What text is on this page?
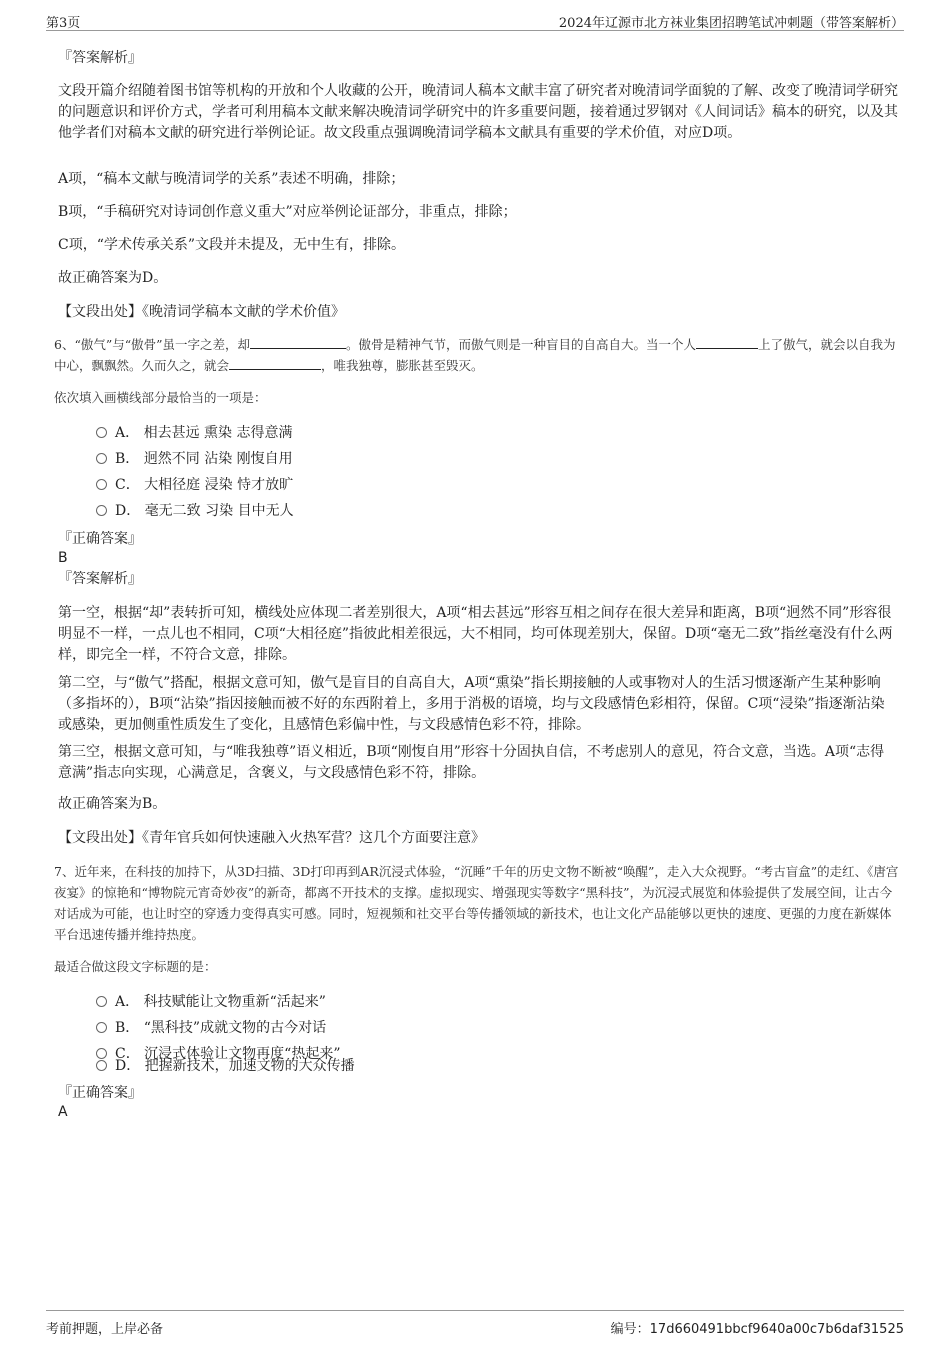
第3页	2024年辽源市北方袜业集团招聘笔试冲刺题（带答案解析）
『答案解析』
文段开篇介绍随着图书馆等机构的开放和个人收藏的公开，晚清词人稿本文献丰富了研究者对晚清词学面貌的了解、改变了晚清词学研究的问题意识和评价方式，学者可利用稿本文献来解决晚清词学研究中的许多重要问题，接着通过罗钢对《人间词话》稿本的研究，以及其他学者们对稿本文献的研究进行举例论证。故文段重点强调晚清词学稿本文献具有重要的学术价值，对应D项。
A项，“稿本文献与晚清词学的关系”表述不明确，排除；
B项，“手稿研究对诗词创作意义重大”对应举例论证部分，非重点，排除；
C项，“学术传承关系”文段并未提及，无中生有，排除。
故正确答案为D。
【文段出处】《晚清词学稿本文献的学术价值》
6、“傲气”与“傲骨”虽一字之差，却	。傲骨是精神气节，而傲气则是一种盲目的自高自大。当一个人	上了傲气，就会以自我为中心，飘飘然。久而久之，就会	，唯我独尊，膨胀甚至毁灭。
依次填入画横线部分最恰当的一项是：
A． 相去甚远 熏染 志得意满
B． 迥然不同 沾染 刚愎自用
C． 大相径庭 浸染 恃才放旷
D． 毫无二致 习染 目中无人
『正确答案』
B
『答案解析』
第一空，根据“却”表转折可知，横线处应体现二者差别很大，A项“相去甚远”形容互相之间存在很大差异和距离，B项“迥然不同”形容很明显不一样，一点儿也不相同，C项“大相径庭”指彼此相差很远，大不相同，均可体现差别大，保留。D项“毫无二致”指丝毫没有什么两样，即完全一样，不符合文意，排除。
第二空，与“傲气”搭配，根据文意可知，傲气是盲目的自高自大，A项“熏染”指长期接触的人或事物对人的生活习惯逐渐产生某种影响（多指坏的），B项“沾染”指因接触而被不好的东西附着上，多用于消极的语境，均与文段感情色彩相符，保留。C项“浸染”指逐渐沾染或感染，更加侧重性质发生了变化，且感情色彩偏中性，与文段感情色彩不符，排除。
第三空，根据文意可知，与“唯我独尊”语义相近，B项“刚愎自用”形容十分固执自信，不考虑别人的意见，符合文意，当选。A项“志得意满”指志向实现，心满意足，含褒义，与文段感情色彩不符，排除。
故正确答案为B。
【文段出处】《青年官兵如何快速融入火热军营？这几个方面要注意》
7、近年来，在科技的加持下，从3D扫描、3D打印再到AR沉浸式体验，“沉睡”千年的历史文物不断被“唤醒”，走入大众视野。“考古盲盒”的走红、《唐宫夜宴》的惊艳和“博物院元宵奇妙夜”的新奇，都离不开技术的支撑。虚拟现实、增强现实等数字“黑科技”，为沉浸式展览和体验提供了发展空间，让古今对话成为可能，也让时空的穿透力变得真实可感。同时，短视频和社交平台等传播领域的新技术，也让文化产品能够以更快的速度、更强的力度在新媒体平台迅速传播并维持热度。
最适合做这段文字标题的是：
A． 科技赋能让文物重新“活起来”
B． “黑科技”成就文物的古今对话
C． 沉浸式体验让文物再度“热起来”
D． 把握新技术，加速文物的大众传播
『正确答案』
A
考前押题，上岸必备	编号：17d660491bbcf9640a00c7b6daf31525
